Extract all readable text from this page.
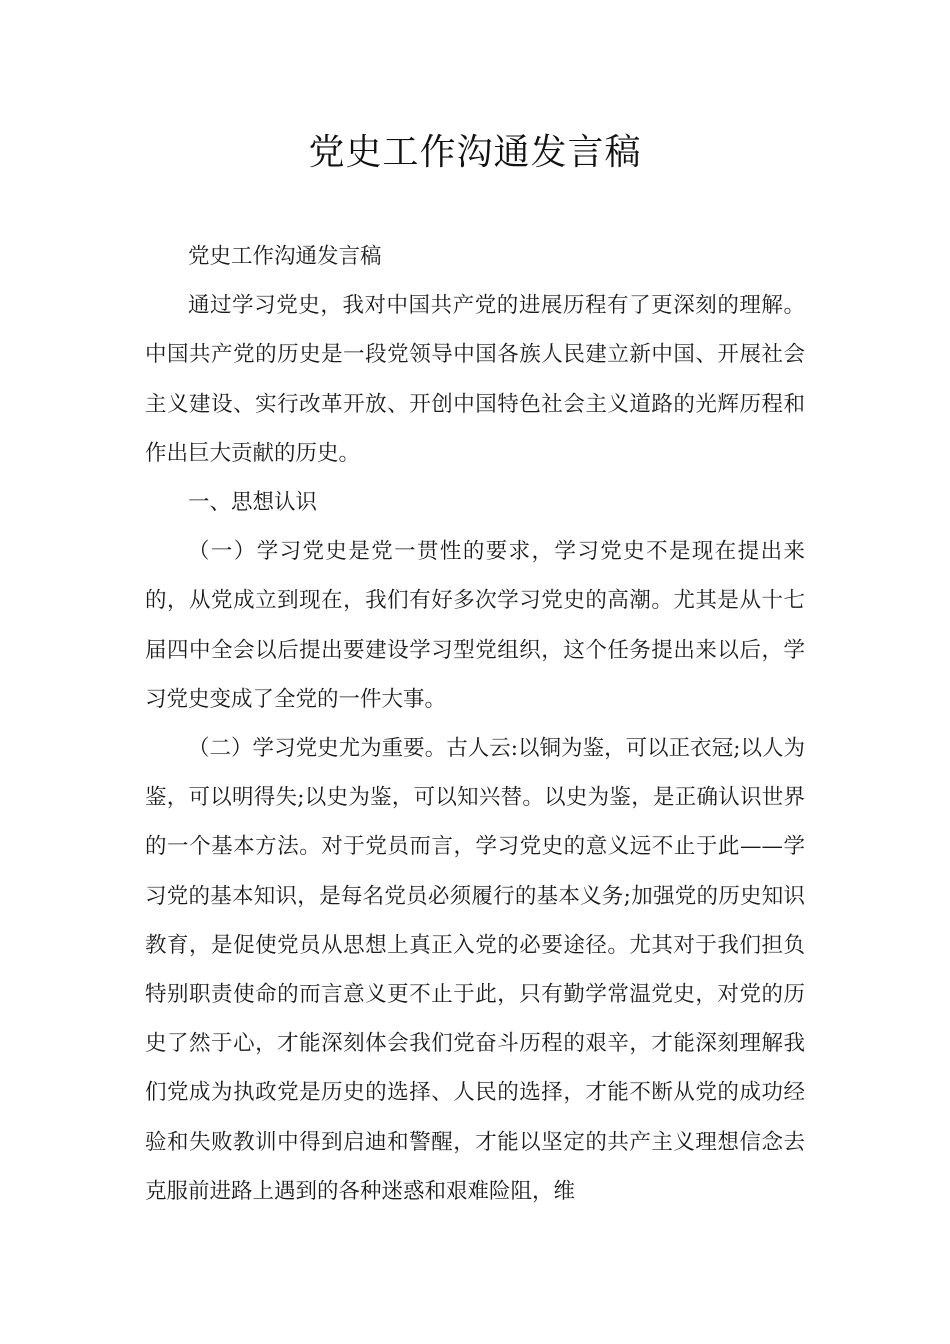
党史工作沟通发言稿

党史工作沟通发言稿

通过学习党史，我对中国共产党的进展历程有了更深刻的理解。中国共产党的历史是一段党领导中国各族人民建立新中国、开展社会主义建设、实行改革开放、开创中国特色社会主义道路的光辉历程和作出巨大贡献的历史。

一、思想认识

（一）学习党史是党一贯性的要求，学习党史不是现在提出来的，从党成立到现在，我们有好多次学习党史的高潮。尤其是从十七届四中全会以后提出要建设学习型党组织，这个任务提出来以后，学习党史变成了全党的一件大事。

（二）学习党史尤为重要。古人云:以铜为鉴，可以正衣冠;以人为鉴，可以明得失;以史为鉴，可以知兴替。以史为鉴，是正确认识世界的一个基本方法。对于党员而言，学习党史的意义远不止于此——学习党的基本知识，是每名党员必须履行的基本义务;加强党的历史知识教育，是促使党员从思想上真正入党的必要途径。尤其对于我们担负特别职责使命的而言意义更不止于此，只有勤学常温党史，对党的历史了然于心，才能深刻体会我们党奋斗历程的艰辛，才能深刻理解我们党成为执政党是历史的选择、人民的选择，才能不断从党的成功经验和失败教训中得到启迪和警醒，才能以坚定的共产主义理想信念去克服前进路上遇到的各种迷惑和艰难险阻，维
